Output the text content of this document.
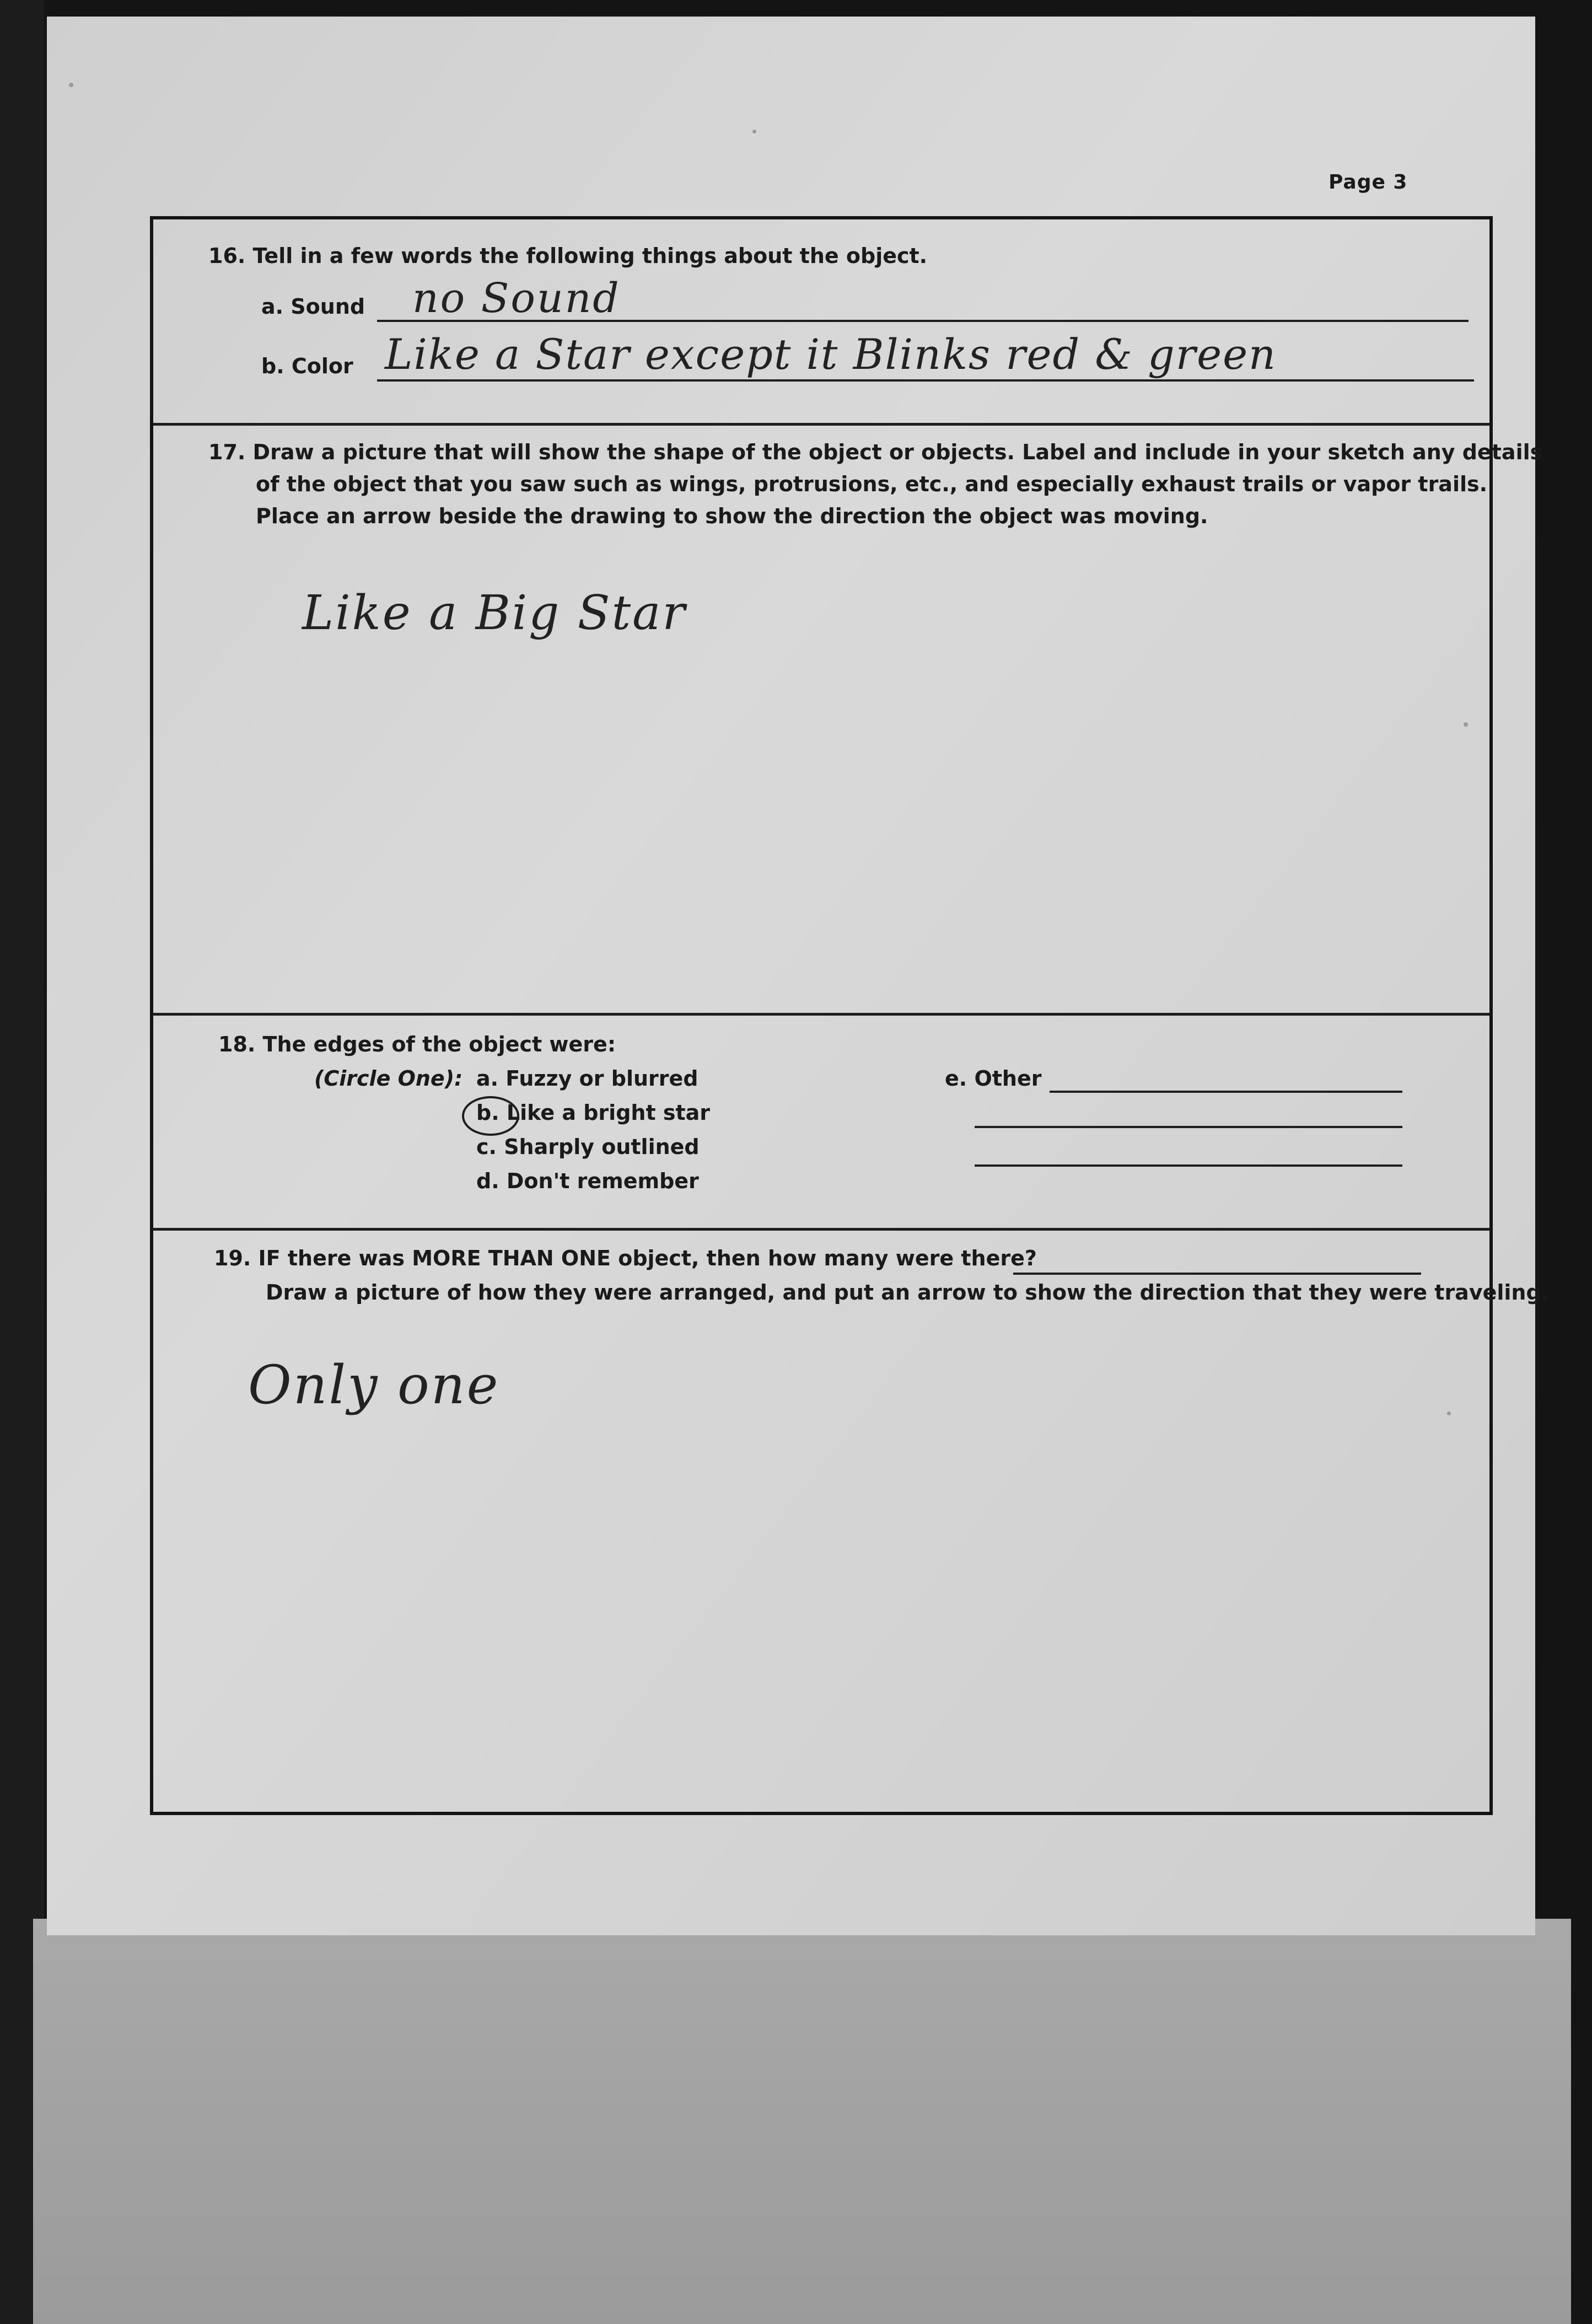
Page 3
16. Tell in a few words the following things about the object.
a. Sound no Sound
b. Color Like a Star except it Blinks red & green
17. Draw a picture that will show the shape of the object or objects. Label and include in your sketch any details
of the object that you saw such as wings, protrusions, etc., and especially exhaust trails or vapor trails.
Place an arrow beside the drawing to show the direction the object was moving.
Like a Big Star
18. The edges of the object were:
(Circle One): a. Fuzzy or blurred
b. Like a bright star
c. Sharply outlined
d. Don't remember
e. Other
19. IF there was MORE THAN ONE object, then how many were there?
Draw a picture of how they were arranged, and put an arrow to show the direction that they were traveling.
Only one
